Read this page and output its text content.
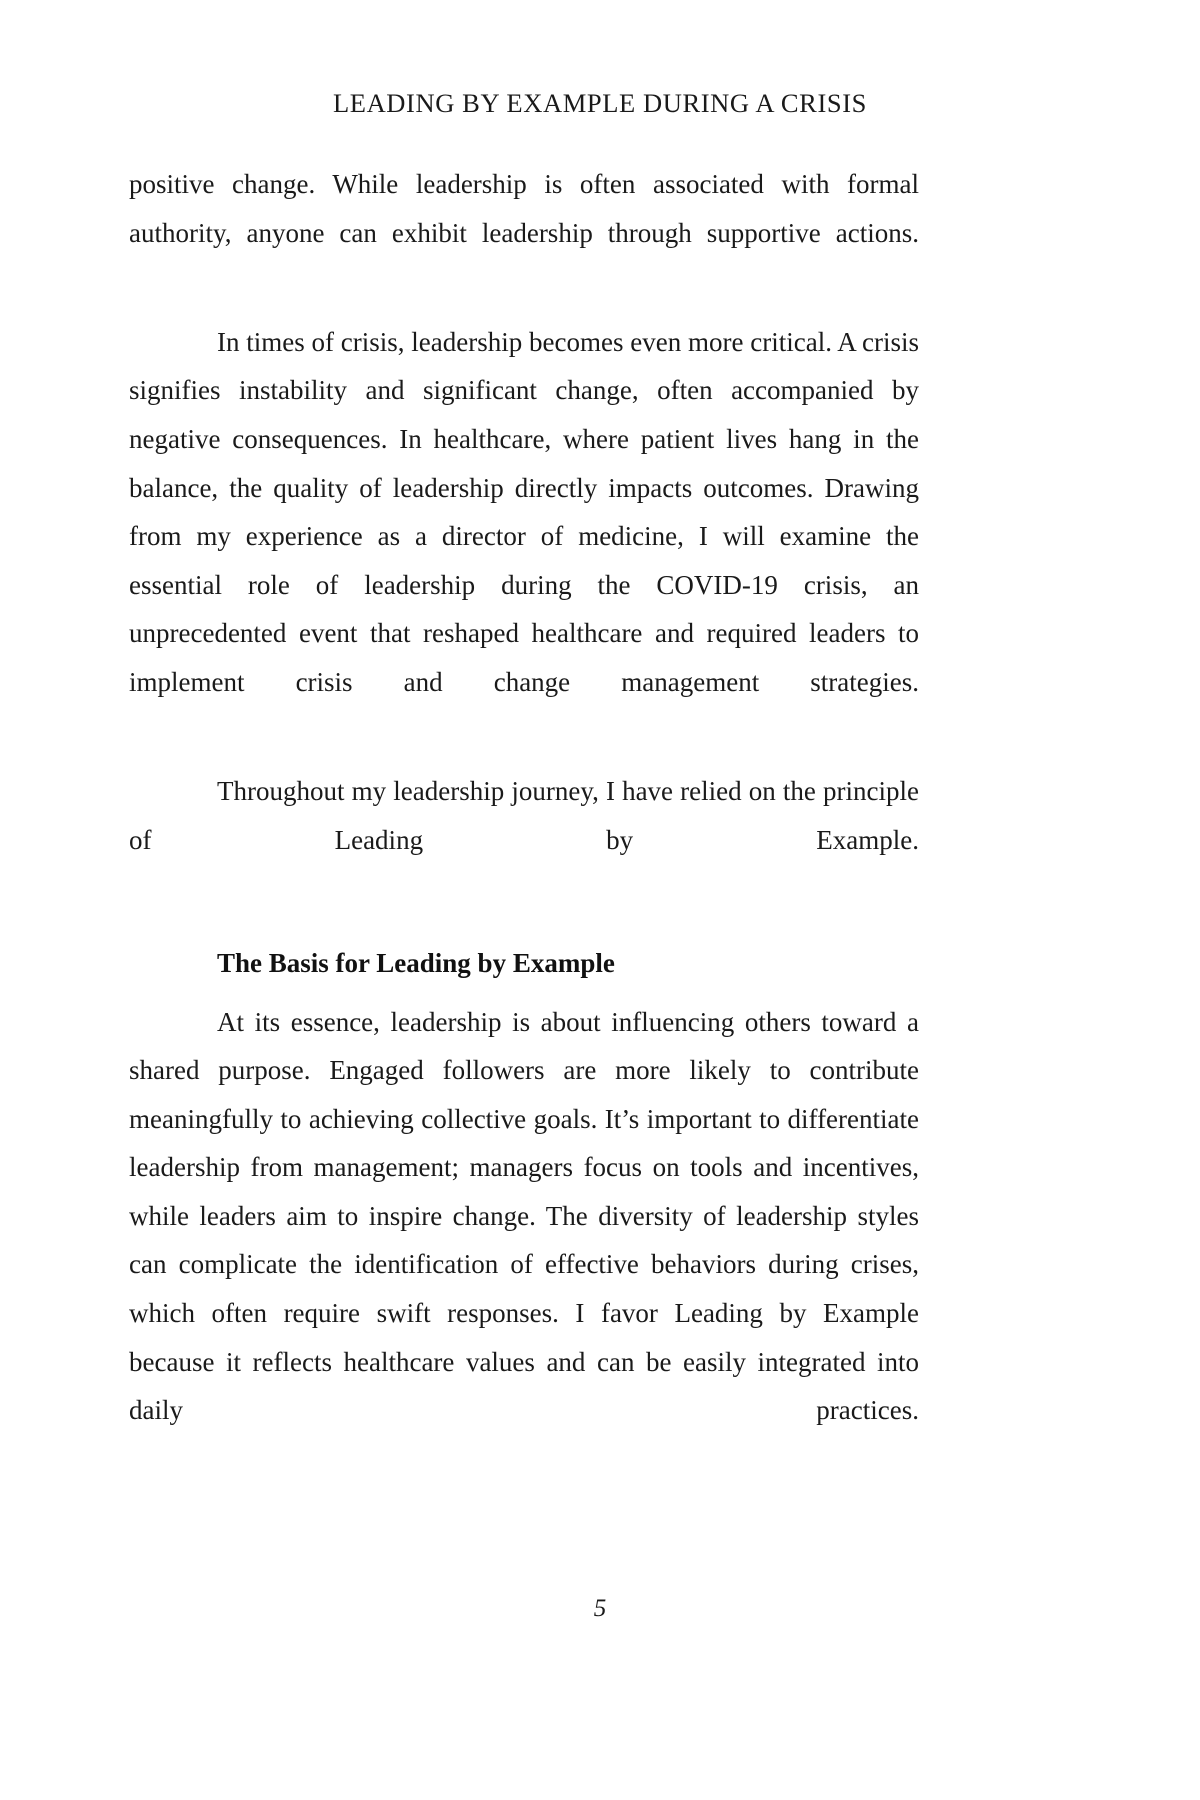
LEADING BY EXAMPLE DURING A CRISIS

positive change. While leadership is often associated with formal authority, anyone can exhibit leadership through supportive actions.

In times of crisis, leadership becomes even more critical. A crisis signifies instability and significant change, often accompanied by negative consequences. In healthcare, where patient lives hang in the balance, the quality of leadership directly impacts outcomes. Drawing from my experience as a director of medicine, I will examine the essential role of leadership during the COVID-19 crisis, an unprecedented event that reshaped healthcare and required leaders to implement crisis and change management strategies.

Throughout my leadership journey, I have relied on the principle of Leading by Example.

The Basis for Leading by Example

At its essence, leadership is about influencing others toward a shared purpose. Engaged followers are more likely to contribute meaningfully to achieving collective goals. It’s important to differentiate leadership from management; managers focus on tools and incentives, while leaders aim to inspire change. The diversity of leadership styles can complicate the identification of effective behaviors during crises, which often require swift responses. I favor Leading by Example because it reflects healthcare values and can be easily integrated into daily practices.

5
